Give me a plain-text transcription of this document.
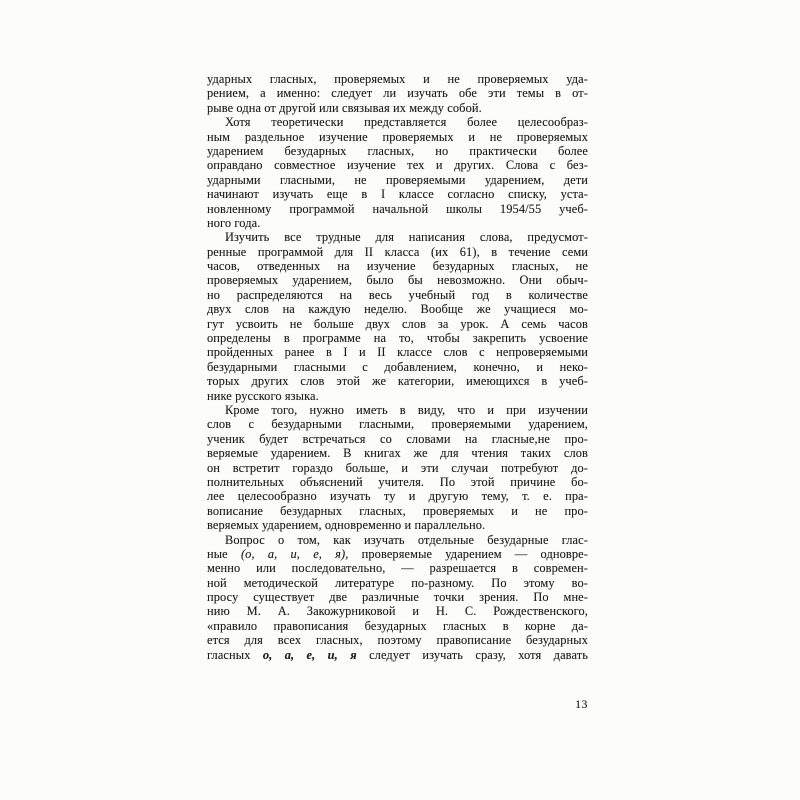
ударных гласных, проверяемых и не проверяемых уда-
рением, а именно: следует ли изучать обе эти темы в от-
рыве одна от другой или связывая их между собой.
Хотя теоретически представляется более целесообраз-
ным раздельное изучение проверяемых и не проверяемых
ударением безударных гласных, но практически более
оправдано совместное изучение тех и других. Слова с без-
ударными гласными, не проверяемыми ударением, дети
начинают изучать еще в I классе согласно списку, уста-
новленному программой начальной школы 1954/55 учеб-
ного года.
Изучить все трудные для написания слова, предусмот-
ренные программой для II класса (их 61), в течение семи
часов, отведенных на изучение безударных гласных, не
проверяемых ударением, было бы невозможно. Они обыч-
но распределяются на весь учебный год в количестве
двух слов на каждую неделю. Вообще же учащиеся мо-
гут усвоить не больше двух слов за урок. А семь часов
определены в программе на то, чтобы закрепить усвоение
пройденных ранее в I и II классе слов с непроверяемыми
безударными гласными с добавлением, конечно, и неко-
торых других слов этой же категории, имеющихся в учеб-
нике русского языка.
Кроме того, нужно иметь в виду, что и при изучении
слов с безударными гласными, проверяемыми ударением,
ученик будет встречаться со словами на гласные,не про-
веряемые ударением. В книгах же для чтения таких слов
он встретит гораздо больше, и эти случаи потребуют до-
полнительных объяснений учителя. По этой причине бо-
лее целесообразно изучать ту и другую тему, т. е. пра-
вописание безударных гласных, проверяемых и не про-
веряемых ударением, одновременно и параллельно.
Вопрос о том, как изучать отдельные безударные глас-
ные (о, а, и, е, я), проверяемые ударением — одновре-
менно или последовательно, — разрешается в современ-
ной методической литературе по-разному. По этому во-
просу существует две различные точки зрения. По мне-
нию М. А. Закожурниковой и Н. С. Рождественского,
«правило правописания безударных гласных в корне да-
ется для всех гласных, поэтому правописание безударных
гласных о, а, е, и, я следует изучать сразу, хотя давать
13
